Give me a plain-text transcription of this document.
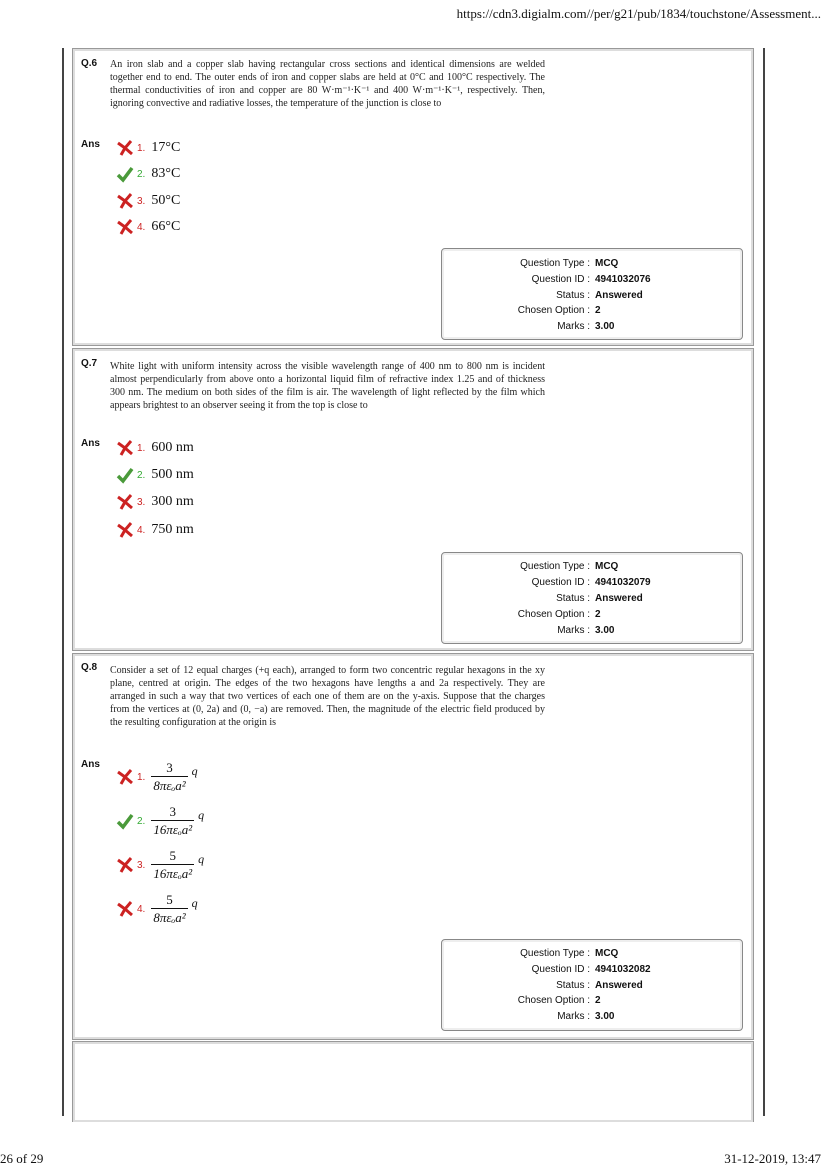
https://cdn3.digialm.com//per/g21/pub/1834/touchstone/Assessment...
26 of 29	31-12-2019, 13:47
Q.6 An iron slab and a copper slab having rectangular cross sections and identical dimensions are welded together end to end. The outer ends of iron and copper slabs are held at 0°C and 100°C respectively. The thermal conductivities of iron and copper are 80 W·m⁻¹·K⁻¹ and 400 W·m⁻¹·K⁻¹, respectively. Then, ignoring convective and radiative losses, the temperature of the junction is close to
Ans	1. 17°C
2. 83°C
3. 50°C
4. 66°C
Question Type : MCQ
Question ID : 4941032076
Status : Answered
Chosen Option : 2
Marks : 3.00
Q.7 White light with uniform intensity across the visible wavelength range of 400 nm to 800 nm is incident almost perpendicularly from above onto a horizontal liquid film of refractive index 1.25 and of thickness 300 nm. The medium on both sides of the film is air. The wavelength of light reflected by the film which appears brightest to an observer seeing it from the top is close to
Ans	1. 600 nm
2. 500 nm
3. 300 nm
4. 750 nm
Question Type : MCQ
Question ID : 4941032079
Status : Answered
Chosen Option : 2
Marks : 3.00
Q.8 Consider a set of 12 equal charges (+q each), arranged to form two concentric regular hexagons in the xy plane, centred at origin. The edges of the two hexagons have lengths a and 2a respectively. They are arranged in such a way that two vertices of each one of them are on the y-axis. Suppose that the charges from the vertices at (0, 2a) and (0, −a) are removed. Then, the magnitude of the electric field produced by the resulting configuration at the origin is
Ans
1. $\frac{3}{\text{8πεₒa²}}$ q
2. $\frac{3}{\text{16πεₒa²}}$ q
3. $\frac{5}{\text{16πεₒa²}}$ q
4. $\frac{5}{\text{8πεₒa²}}$ q
Question Type : MCQ
Question ID : 4941032082
Status : Answered
Chosen Option : 2
Marks : 3.00
